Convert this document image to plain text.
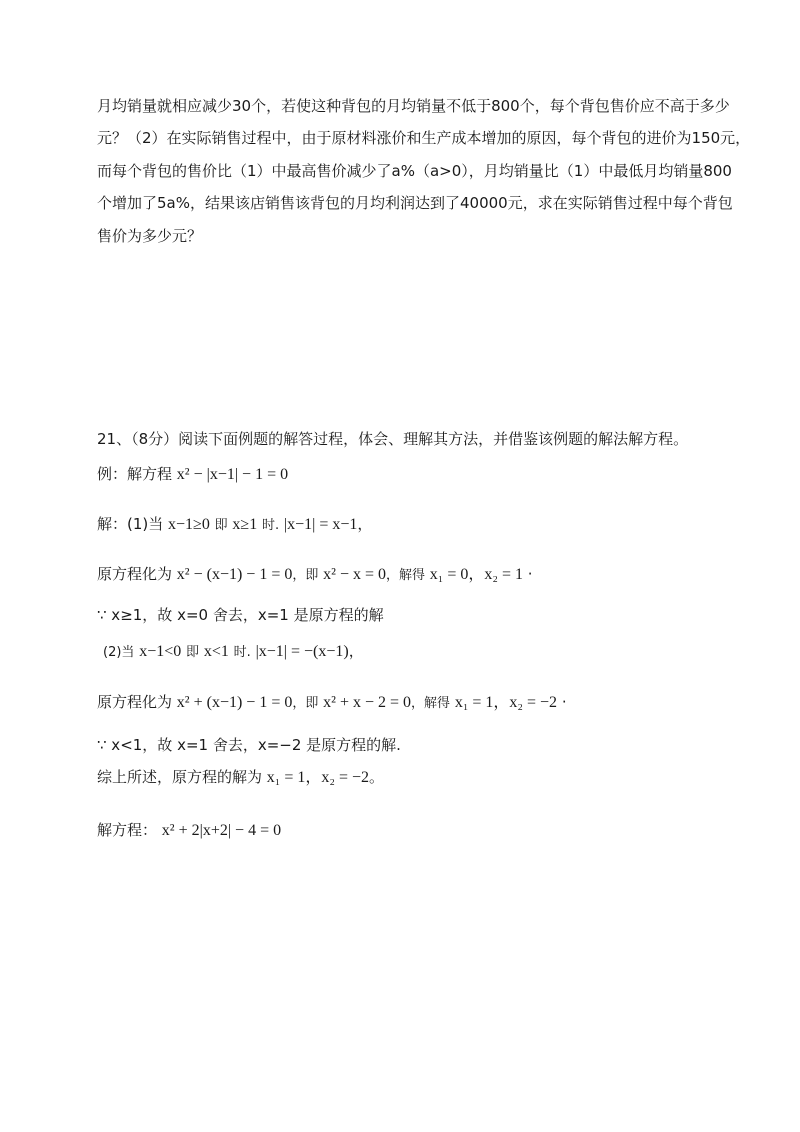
月均销量就相应减少30个，若使这种背包的月均销量不低于800个，每个背包售价应不高于多少
元？（2）在实际销售过程中，由于原材料涨价和生产成本增加的原因，每个背包的进价为150元，
而每个背包的售价比（1）中最高售价减少了a%（a>0），月均销量比（1）中最低月均销量800
个增加了5a%，结果该店销售该背包的月均利润达到了40000元，求在实际销售过程中每个背包
售价为多少元？
21、（8分）阅读下面例题的解答过程，体会、理解其方法，并借鉴该例题的解法解方程。
例：解方程 x² − |x−1| − 1 = 0
解：(1)当 x−1≥0 即 x≥1 时. |x−1| = x−1，
原方程化为 x² − (x−1) − 1 = 0，即 x² − x = 0，解得 x₁ = 0，x₂ = 1 ·
∵ x≥1，故 x=0 舍去，x=1 是原方程的解
(2)当 x−1<0 即 x<1 时. |x−1| = −(x−1)，
原方程化为 x² + (x−1) − 1 = 0，即 x² + x − 2 = 0，解得 x₁ = 1，x₂ = −2 ·
∵ x<1，故 x=1 舍去，x=−2 是原方程的解.
综上所述，原方程的解为 x₁ = 1，x₂ = −2。
解方程： x² + 2|x+2| − 4 = 0
